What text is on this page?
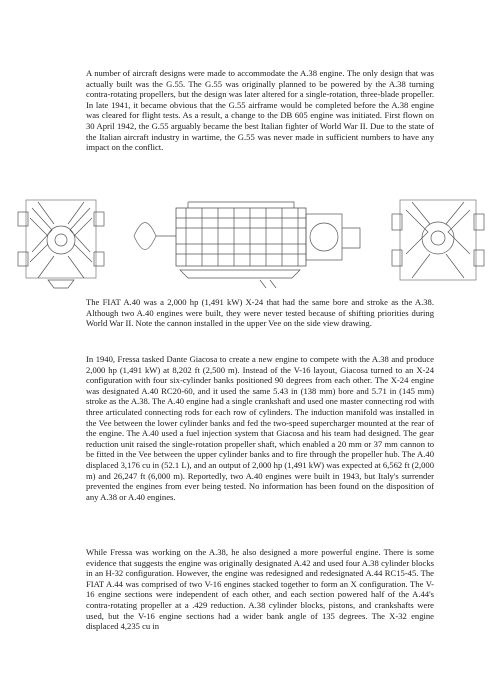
A number of aircraft designs were made to accommodate the A.38 engine. The only design that was actually built was the G.55. The G.55 was originally planned to be powered by the A.38 turning contra-rotating propellers, but the design was later altered for a single-rotation, three-blade propeller. In late 1941, it became obvious that the G.55 airframe would be completed before the A.38 engine was cleared for flight tests. As a result, a change to the DB 605 engine was initiated. First flown on 30 April 1942, the G.55 arguably became the best Italian fighter of World War II. Due to the state of the Italian aircraft industry in wartime, the G.55 was never made in sufficient numbers to have any impact on the conflict.

The FIAT A.40 was a 2,000 hp (1,491 kW) X-24 that had the same bore and stroke as the A.38. Although two A.40 engines were built, they were never tested because of shifting priorities during World War II. Note the cannon installed in the upper Vee on the side view drawing.

In 1940, Fressa tasked Dante Giacosa to create a new engine to compete with the A.38 and produce 2,000 hp (1,491 kW) at 8,202 ft (2,500 m). Instead of the V-16 layout, Giacosa turned to an X-24 configuration with four six-cylinder banks positioned 90 degrees from each other. The X-24 engine was designated A.40 RC20-60, and it used the same 5.43 in (138 mm) bore and 5.71 in (145 mm) stroke as the A.38. The A.40 engine had a single crankshaft and used one master connecting rod with three articulated connecting rods for each row of cylinders. The induction manifold was installed in the Vee between the lower cylinder banks and fed the two-speed supercharger mounted at the rear of the engine. The A.40 used a fuel injection system that Giacosa and his team had designed. The gear reduction unit raised the single-rotation propeller shaft, which enabled a 20 mm or 37 mm cannon to be fitted in the Vee between the upper cylinder banks and to fire through the propeller hub. The A.40 displaced 3,176 cu in (52.1 L), and an output of 2,000 hp (1,491 kW) was expected at 6,562 ft (2,000 m) and 26,247 ft (6,000 m). Reportedly, two A.40 engines were built in 1943, but Italy's surrender prevented the engines from ever being tested. No information has been found on the disposition of any A.38 or A.40 engines.

While Fressa was working on the A.38, he also designed a more powerful engine. There is some evidence that suggests the engine was originally designated A.42 and used four A.38 cylinder blocks in an H-32 configuration. However, the engine was redesigned and redesignated A.44 RC15-45. The FIAT A.44 was comprised of two V-16 engines stacked together to form an X configuration. The V-16 engine sections were independent of each other, and each section powered half of the A.44's contra-rotating propeller at a .429 reduction. A.38 cylinder blocks, pistons, and crankshafts were used, but the V-16 engine sections had a wider bank angle of 135 degrees. The X-32 engine displaced 4,235 cu in
